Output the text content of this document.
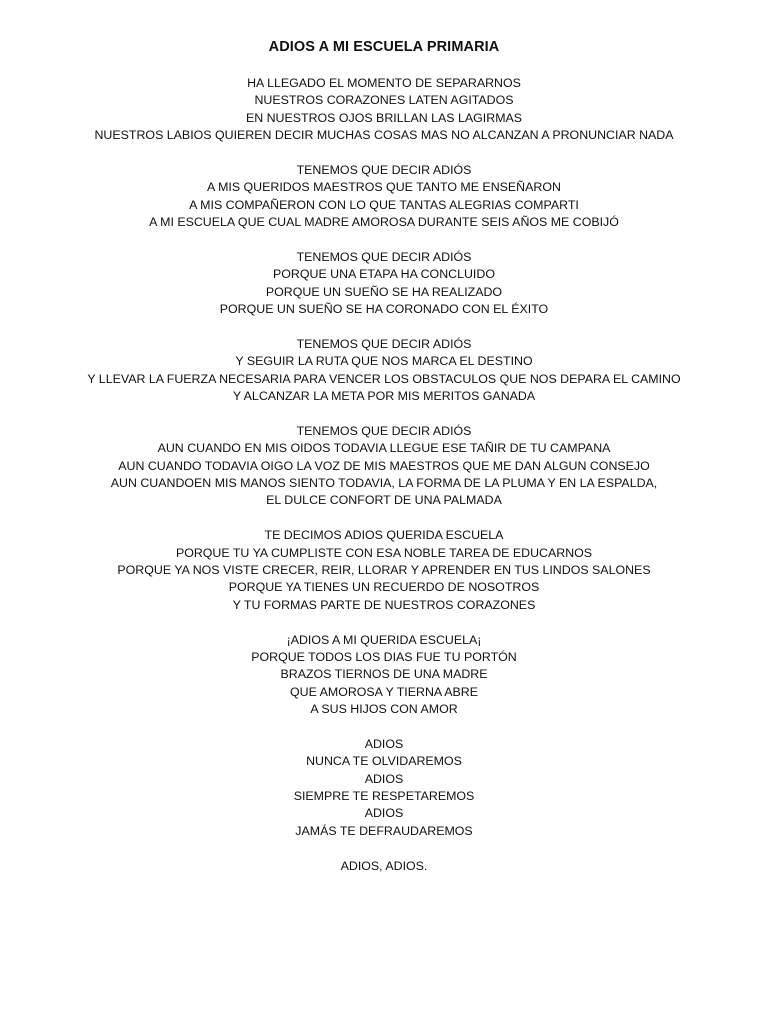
ADIOS A MI ESCUELA PRIMARIA
HA LLEGADO EL MOMENTO DE SEPARARNOS
NUESTROS CORAZONES LATEN AGITADOS
EN NUESTROS OJOS BRILLAN LAS LAGIRMAS
NUESTROS LABIOS QUIEREN DECIR MUCHAS COSAS MAS NO ALCANZAN A PRONUNCIAR NADA
TENEMOS QUE DECIR ADIÓS
A MIS QUERIDOS MAESTROS QUE TANTO ME ENSEÑARON
A MIS COMPAÑERON CON LO QUE TANTAS ALEGRIAS COMPARTI
A MI ESCUELA QUE CUAL MADRE AMOROSA DURANTE SEIS AÑOS ME COBIJÓ
TENEMOS QUE DECIR ADIÓS
PORQUE UNA ETAPA HA CONCLUIDO
PORQUE UN SUEÑO SE HA REALIZADO
PORQUE UN SUEÑO SE HA CORONADO CON EL ÉXITO
TENEMOS QUE DECIR ADIÓS
Y SEGUIR LA RUTA QUE NOS MARCA EL DESTINO
Y LLEVAR LA FUERZA NECESARIA PARA VENCER LOS OBSTACULOS QUE NOS DEPARA EL CAMINO
Y ALCANZAR LA META POR MIS MERITOS GANADA
TENEMOS QUE DECIR ADIÓS
AUN CUANDO EN MIS OIDOS TODAVIA LLEGUE ESE TAÑIR DE TU CAMPANA
AUN CUANDO TODAVIA OIGO LA VOZ DE MIS MAESTROS QUE ME DAN ALGUN CONSEJO
AUN CUANDOEN MIS MANOS SIENTO TODAVIA, LA FORMA DE LA PLUMA Y EN LA ESPALDA,
EL DULCE CONFORT DE UNA PALMADA
TE DECIMOS ADIOS QUERIDA ESCUELA
PORQUE TU YA CUMPLISTE CON ESA NOBLE TAREA DE EDUCARNOS
PORQUE YA NOS VISTE CRECER, REIR, LLORAR Y APRENDER EN TUS LINDOS SALONES
PORQUE YA TIENES UN RECUERDO DE NOSOTROS
Y TU FORMAS PARTE DE NUESTROS CORAZONES
¡ADIOS A MI QUERIDA ESCUELA¡
PORQUE TODOS LOS DIAS FUE TU PORTÓN
BRAZOS TIERNOS DE UNA MADRE
QUE AMOROSA Y TIERNA ABRE
A SUS HIJOS CON AMOR
ADIOS
NUNCA TE OLVIDAREMOS
ADIOS
SIEMPRE TE RESPETAREMOS
ADIOS
JAMÁS TE DEFRAUDAREMOS
ADIOS, ADIOS.
